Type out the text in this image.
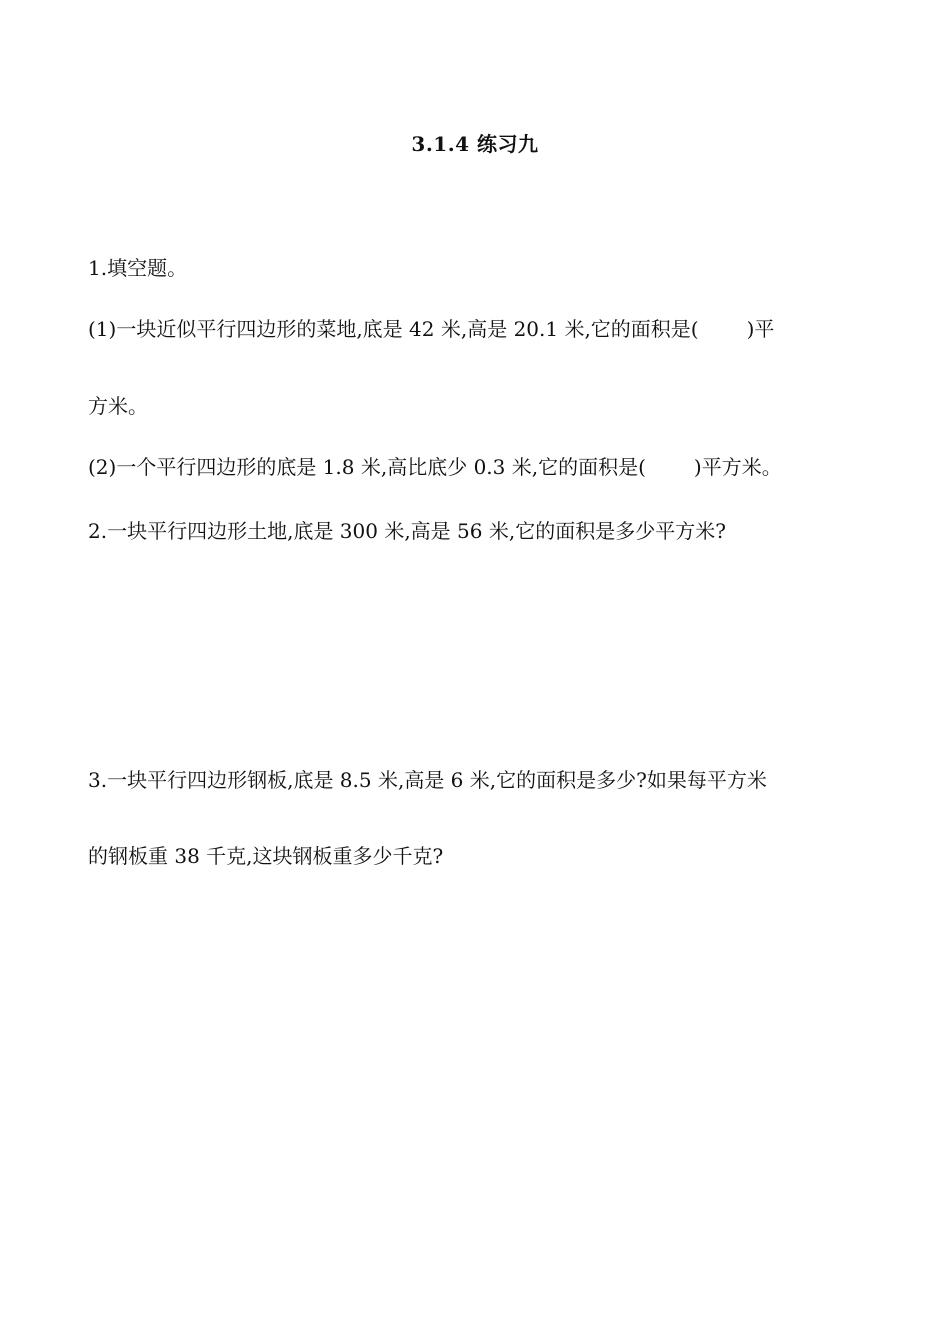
3.1.4 练习九
1.填空题。
(1)一块近似平行四边形的菜地,底是 42 米,高是 20.1 米,它的面积是( )平
方米。
(2)一个平行四边形的底是 1.8 米,高比底少 0.3 米,它的面积是( )平方米。
2.一块平行四边形土地,底是 300 米,高是 56 米,它的面积是多少平方米?
3.一块平行四边形钢板,底是 8.5 米,高是 6 米,它的面积是多少?如果每平方米
的钢板重 38 千克,这块钢板重多少千克?
